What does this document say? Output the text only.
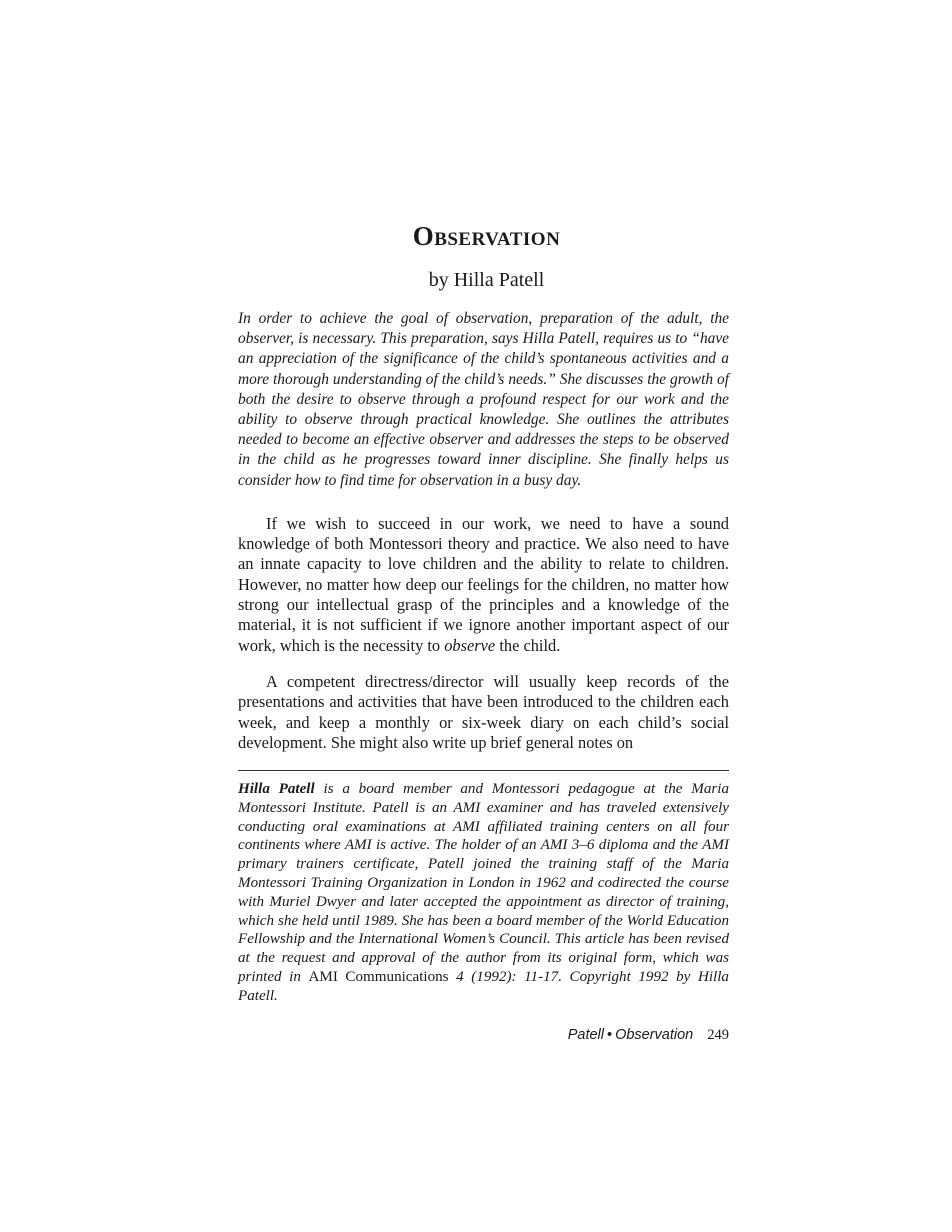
Observation
by Hilla Patell
In order to achieve the goal of observation, preparation of the adult, the observer, is necessary. This preparation, says Hilla Patell, requires us to “have an appreciation of the significance of the child’s spontaneous activities and a more thorough understanding of the child’s needs.” She discusses the growth of both the desire to observe through a profound respect for our work and the ability to observe through practical knowledge. She outlines the attributes needed to become an effective observer and addresses the steps to be observed in the child as he progresses toward inner discipline. She finally helps us consider how to find time for observation in a busy day.

If we wish to succeed in our work, we need to have a sound knowledge of both Montessori theory and practice. We also need to have an innate capacity to love children and the ability to relate to children. However, no matter how deep our feelings for the children, no matter how strong our intellectual grasp of the principles and a knowledge of the material, it is not sufficient if we ignore another important aspect of our work, which is the necessity to observe the child.

A competent directress/director will usually keep records of the presentations and activities that have been introduced to the children each week, and keep a monthly or six-week diary on each child’s social development. She might also write up brief general notes on

Hilla Patell is a board member and Montessori pedagogue at the Maria Montessori Institute. Patell is an AMI examiner and has traveled extensively conducting oral examinations at AMI affiliated training centers on all four continents where AMI is active. The holder of an AMI 3–6 diploma and the AMI primary trainers certificate, Patell joined the training staff of the Maria Montessori Training Organization in London in 1962 and codirected the course with Muriel Dwyer and later accepted the appointment as director of training, which she held until 1989. She has been a board member of the World Education Fellowship and the International Women’s Council. This article has been revised at the request and approval of the author from its original form, which was printed in AMI Communications 4 (1992): 11-17. Copyright 1992 by Hilla Patell.
Patell • Observation 249
